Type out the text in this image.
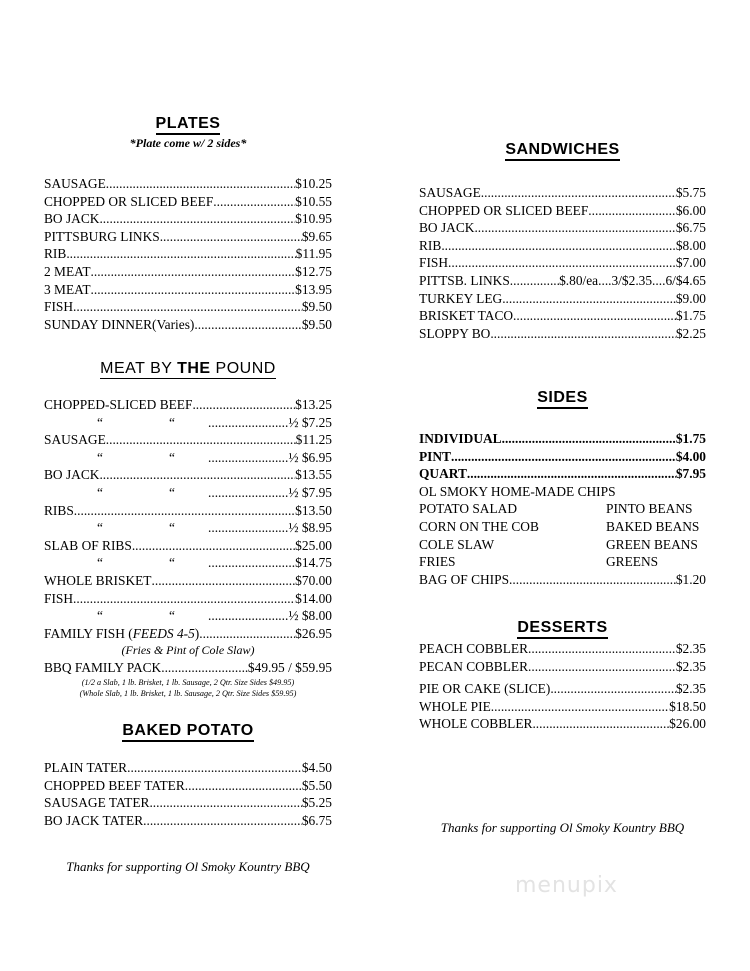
PLATES
*Plate come w/ 2 sides*
SAUSAGE .....	$10.25
CHOPPED OR SLICED BEEF .....	$10.55
BO JACK .....	$10.95
PITTSBURG LINKS .....	$9.65
RIB .....	$11.95
2 MEAT .....	$12.75
3 MEAT .....	$13.95
FISH .....	$9.50
SUNDAY DINNER(Varies) .....	$9.50
MEAT BY THE POUND
CHOPPED-SLICED BEEF .....	$13.25
“	“ .....	½ $7.25
SAUSAGE .....	$11.25
“	“ .....	½ $6.95
BO JACK .....	$13.55
“	“ .....	½ $7.95
RIBS .....	$13.50
“	“ .....	½ $8.95
SLAB OF RIBS .....	$25.00
“	“ .....	$14.75
WHOLE BRISKET .....	$70.00
FISH .....	$14.00
“	“ .....	½ $8.00
FAMILY FISH (FEEDS 4-5) .....	$26.95
(Fries & Pint of Cole Slaw)
BBQ FAMILY PACK .....	$49.95 / $59.95
(1/2 a Slab, 1 lb. Brisket, 1 lb. Sausage, 2 Qtr. Size Sides $49.95)
(Whole Slab, 1 lb. Brisket, 1 lb. Sausage, 2 Qtr. Size Sides $59.95)
BAKED POTATO
PLAIN TATER .....	$4.50
CHOPPED BEEF TATER .....	$5.50
SAUSAGE TATER .....	$5.25
BO JACK TATER .....	$6.75
Thanks for supporting Ol Smoky Kountry BBQ
SANDWICHES
SAUSAGE .....	$5.75
CHOPPED OR SLICED BEEF .....	$6.00
BO JACK .....	$6.75
RIB .....	$8.00
FISH .....	$7.00
PITTSB. LINKS .....	$.80/ea....3/$2.35....6/$4.65
TURKEY LEG .....	$9.00
BRISKET TACO .....	$1.75
SLOPPY BO .....	$2.25
SIDES
INDIVIDUAL .....	$1.75
PINT .....	$4.00
QUART .....	$7.95
OL SMOKY HOME-MADE CHIPS
POTATO SALAD	PINTO BEANS
CORN ON THE COB	BAKED BEANS
COLE SLAW	GREEN BEANS
FRIES	GREENS
BAG OF CHIPS .....	$1.20
DESSERTS
PEACH COBBLER .....	$2.35
PECAN COBBLER .....	$2.35
PIE OR CAKE (SLICE) .....	$2.35
WHOLE PIE .....	$18.50
WHOLE COBBLER .....	$26.00
Thanks for supporting Ol Smoky Kountry BBQ
menupix
